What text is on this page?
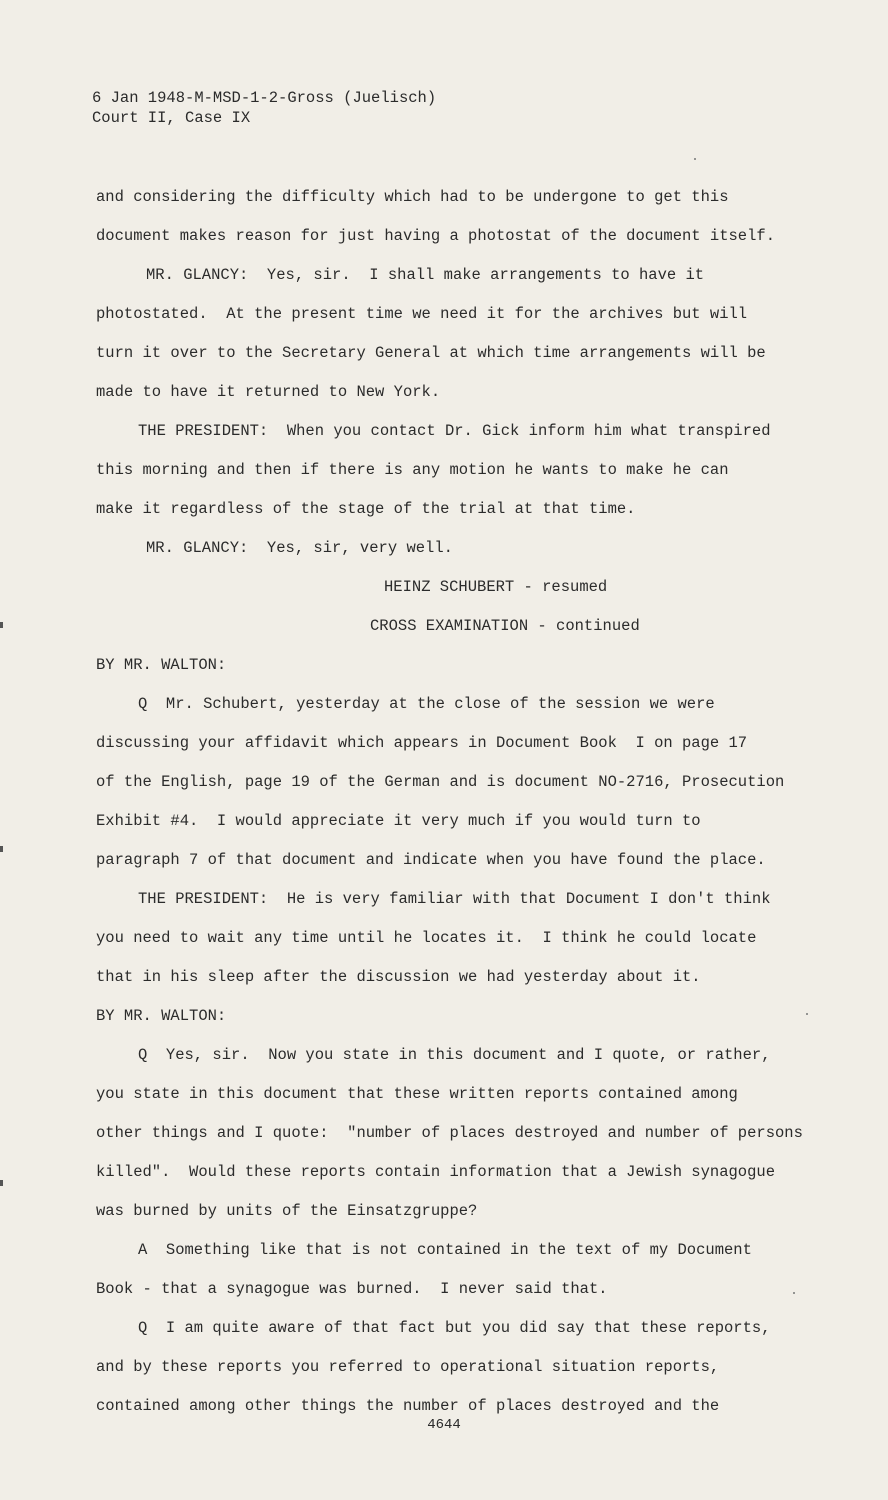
6 Jan 1948-M-MSD-1-2-Gross (Juelisch)
Court II, Case IX
and considering the difficulty which had to be undergone to get this
document makes reason for just having a photostat of the document itself.
MR. GLANCY:  Yes, sir.  I shall make arrangements to have it
photostated.  At the present time we need it for the archives but will
turn it over to the Secretary General at which time arrangements will be
made to have it returned to New York.
THE PRESIDENT:  When you contact Dr. Gick inform him what transpired
this morning and then if there is any motion he wants to make he can
make it regardless of the stage of the trial at that time.
MR. GLANCY:  Yes, sir, very well.
HEINZ SCHUBERT - resumed
CROSS EXAMINATION - continued
BY MR. WALTON:
Q  Mr. Schubert, yesterday at the close of the session we were
discussing your affidavit which appears in Document Book  I on page 17
of the English, page 19 of the German and is document NO-2716, Prosecution
Exhibit #4.  I would appreciate it very much if you would turn to
paragraph 7 of that document and indicate when you have found the place.
THE PRESIDENT:  He is very familiar with that Document I don't think
you need to wait any time until he locates it.  I think he could locate
that in his sleep after the discussion we had yesterday about it.
BY MR. WALTON:
Q  Yes, sir.  Now you state in this document and I quote, or rather,
you state in this document that these written reports contained among
other things and I quote:  "number of places destroyed and number of persons
killed".  Would these reports contain information that a Jewish synagogue
was burned by units of the Einsatzgruppe?
A  Something like that is not contained in the text of my Document
Book - that a synagogue was burned.  I never said that.
Q  I am quite aware of that fact but you did say that these reports,
and by these reports you referred to operational situation reports,
contained among other things the number of places destroyed and the
4644
